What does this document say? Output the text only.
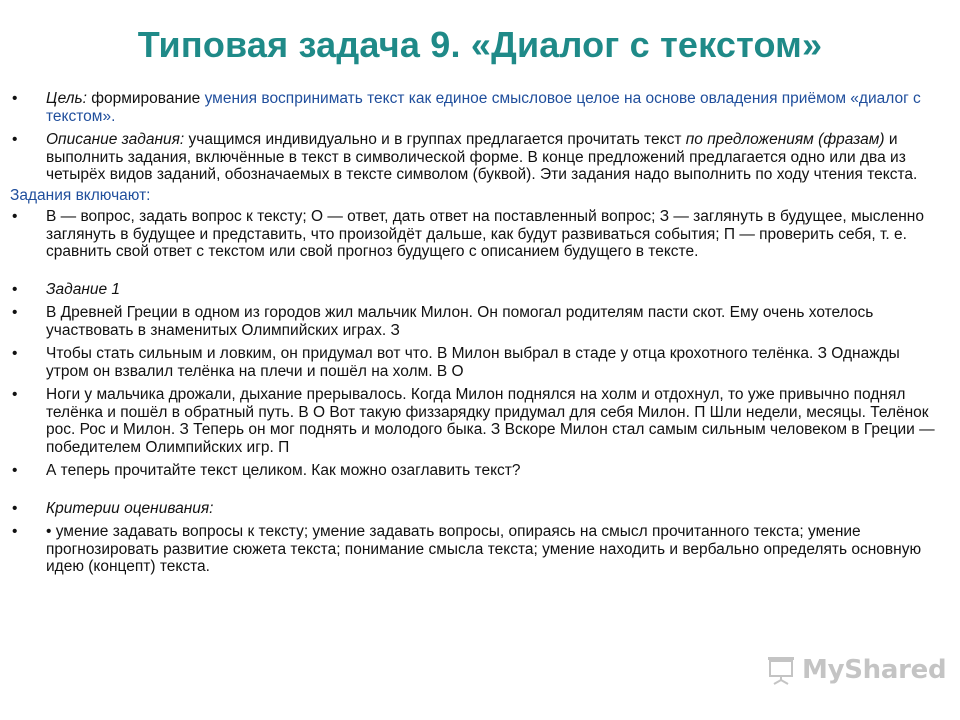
Типовая задача 9. «Диалог с текстом»
• Цель: формирование умения воспринимать текст как единое смысловое целое на основе овладения приёмом «диалог с текстом».
• Описание задания: учащимся индивидуально и в группах предлагается прочитать текст по предложениям (фразам) и выполнить задания, включённые в текст в символической форме. В конце предложений предлагается одно или два из четырёх видов заданий, обозначаемых в тексте символом (буквой). Эти задания надо выполнить по ходу чтения текста.
Задания включают:
• В — вопрос, задать вопрос к тексту; О — ответ, дать ответ на поставленный вопрос; З — заглянуть в будущее, мысленно заглянуть в будущее и представить, что произойдёт дальше, как будут развиваться события; П — проверить себя, т. е. сравнить свой ответ с текстом или свой прогноз будущего с описанием будущего в тексте.
• Задание 1
• В Древней Греции в одном из городов жил мальчик Милон. Он помогал родителям пасти скот. Ему очень хотелось участвовать в знаменитых Олимпийских играх. З
• Чтобы стать сильным и ловким, он придумал вот что. В Милон выбрал в стаде у отца крохотного телёнка. З Однажды утром он взвалил телёнка на плечи и пошёл на холм. В О
• Ноги у мальчика дрожали, дыхание прерывалось. Когда Милон поднялся на холм и отдохнул, то уже привычно поднял телёнка и пошёл в обратный путь. В О Вот такую физзарядку придумал для себя Милон. П Шли недели, месяцы. Телёнок рос. Рос и Милон. З Теперь он мог поднять и молодого быка. З Вскоре Милон стал самым сильным человеком в Греции — победителем Олимпийских игр. П
• А теперь прочитайте текст целиком. Как можно озаглавить текст?
• Критерии оценивания:
• • умение задавать вопросы к тексту; умение задавать вопросы, опираясь на смысл прочитанного текста; умение прогнозировать развитие сюжета текста; понимание смысла текста; умение находить и вербально определять основную идею (концепт) текста.
MyShared
